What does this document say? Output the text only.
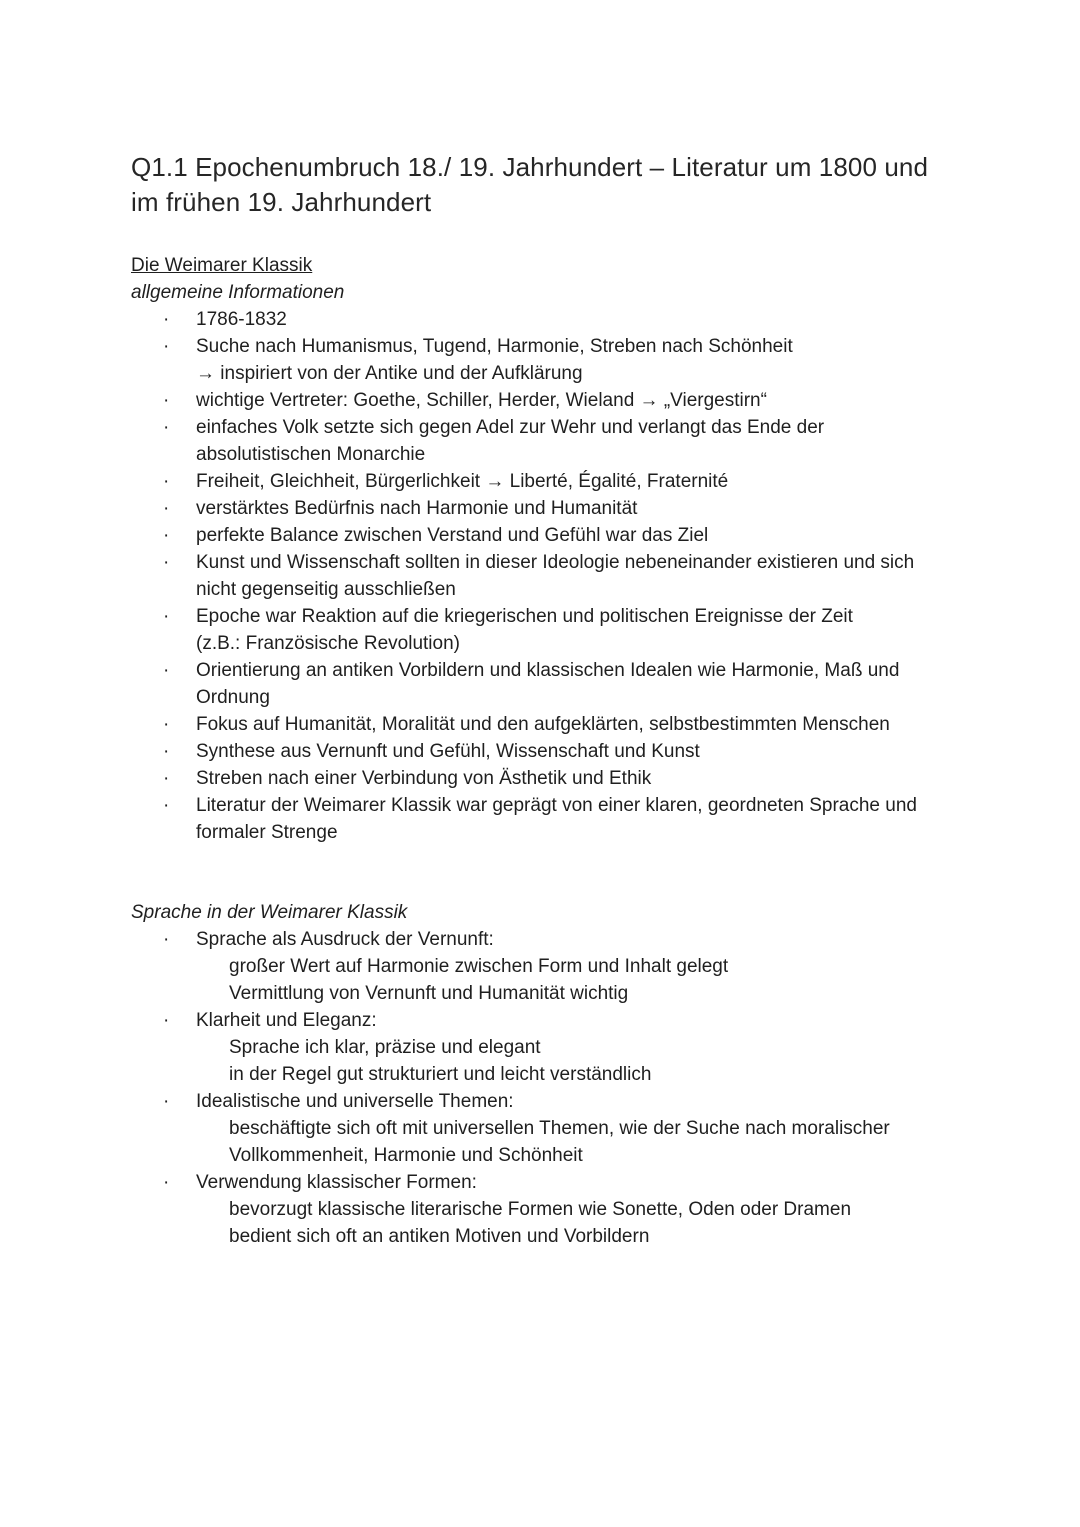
Q1.1 Epochenumbruch 18./ 19. Jahrhundert – Literatur um 1800 und im frühen 19. Jahrhundert
Die Weimarer Klassik
allgemeine Informationen
· 1786-1832
· Suche nach Humanismus, Tugend, Harmonie, Streben nach Schönheit
→ inspiriert von der Antike und der Aufklärung
· wichtige Vertreter: Goethe, Schiller, Herder, Wieland → „Viergestirn“
· einfaches Volk setzte sich gegen Adel zur Wehr und verlangt das Ende der
absolutistischen Monarchie
· Freiheit, Gleichheit, Bürgerlichkeit → Liberté, Égalité, Fraternité
· verstärktes Bedürfnis nach Harmonie und Humanität
· perfekte Balance zwischen Verstand und Gefühl war das Ziel
· Kunst und Wissenschaft sollten in dieser Ideologie nebeneinander existieren und sich
nicht gegenseitig ausschließen
· Epoche war Reaktion auf die kriegerischen und politischen Ereignisse der Zeit
(z.B.: Französische Revolution)
· Orientierung an antiken Vorbildern und klassischen Idealen wie Harmonie, Maß und
Ordnung
· Fokus auf Humanität, Moralität und den aufgeklärten, selbstbestimmten Menschen
· Synthese aus Vernunft und Gefühl, Wissenschaft und Kunst
· Streben nach einer Verbindung von Ästhetik und Ethik
· Literatur der Weimarer Klassik war geprägt von einer klaren, geordneten Sprache und
formaler Strenge
Sprache in der Weimarer Klassik
· Sprache als Ausdruck der Vernunft:
großer Wert auf Harmonie zwischen Form und Inhalt gelegt
Vermittlung von Vernunft und Humanität wichtig
· Klarheit und Eleganz:
Sprache ich klar, präzise und elegant
in der Regel gut strukturiert und leicht verständlich
· Idealistische und universelle Themen:
beschäftigte sich oft mit universellen Themen, wie der Suche nach moralischer
Vollkommenheit, Harmonie und Schönheit
· Verwendung klassischer Formen:
bevorzugt klassische literarische Formen wie Sonette, Oden oder Dramen
bedient sich oft an antiken Motiven und Vorbildern
